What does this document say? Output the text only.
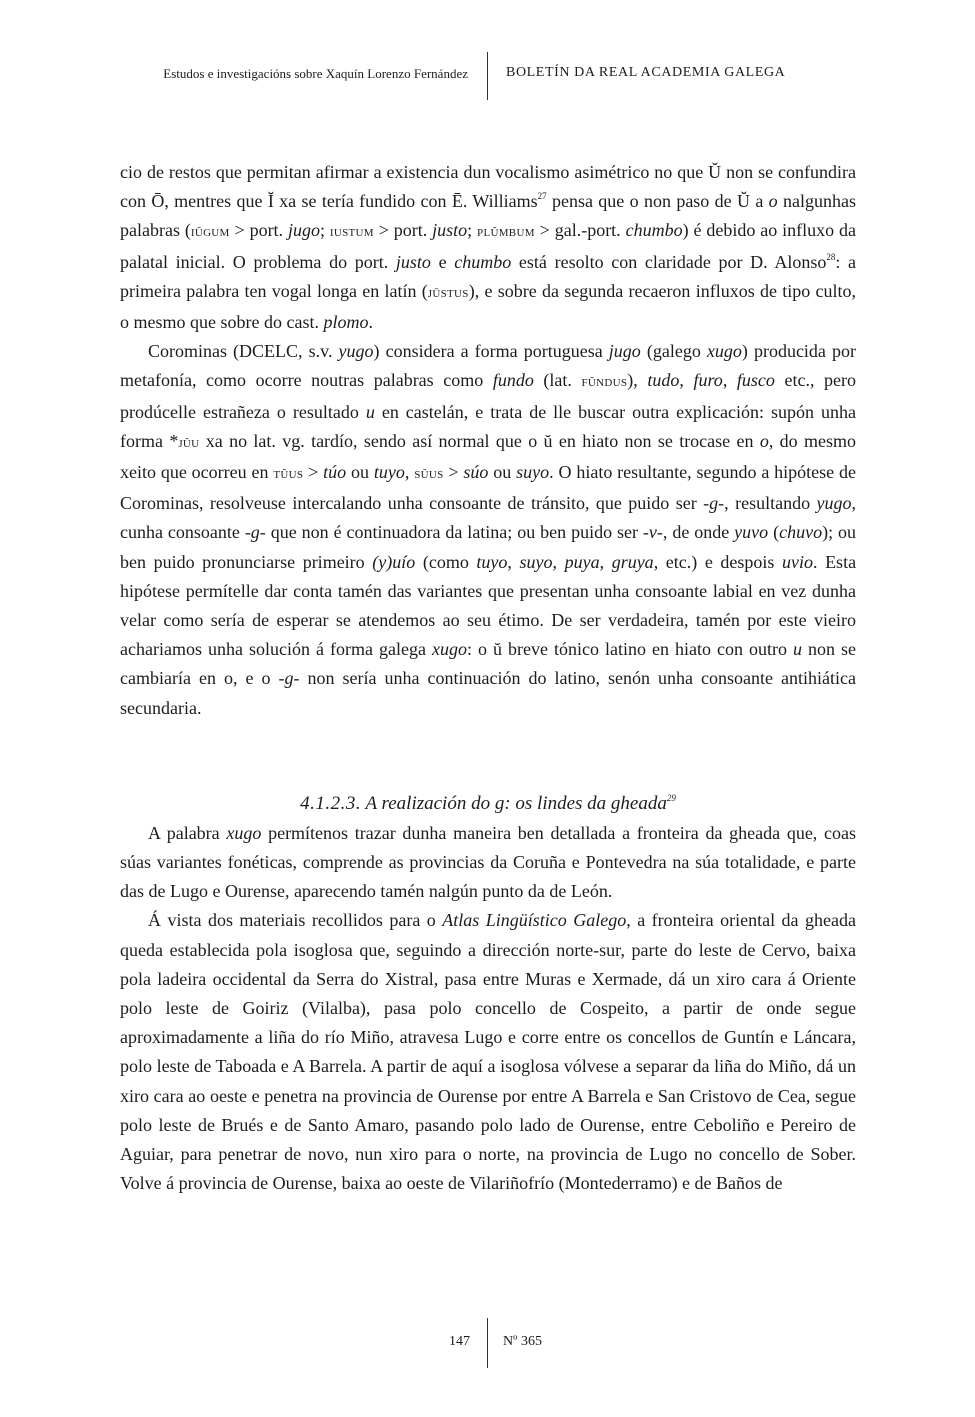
Estudos e investigacións sobre Xaquín Lorenzo Fernández	BOLETÍN DA REAL ACADEMIA GALEGA

cio de restos que permitan afirmar a existencia dun vocalismo asimétrico no que Ŭ non se confundira con Ō, mentres que Ĭ xa se tería fundido con Ē. Williams$^{27}$ pensa que o non paso de Ŭ a o nalgunhas palabras (iŭgum > port. jugo; iustum > port. justo; plŭmbum > gal.-port. chumbo) é debido ao influxo da palatal inicial. O problema do port. justo e chumbo está resolto con claridade por D. Alonso$^{28}$: a primeira palabra ten vogal longa en latín (jūstus), e sobre da segunda recaeron influxos de tipo culto, o mesmo que sobre do cast. plomo.

Corominas (DCELC, s.v. yugo) considera a forma portuguesa jugo (galego xugo) producida por metafonía, como ocorre noutras palabras como fundo (lat. fŭndus), tudo, furo, fusco etc., pero prodúcelle estrañeza o resultado u en castelán, e trata de lle buscar outra explicación: supón unha forma *jŭu xa no lat. vg. tardío, sendo así normal que o ŭ en hiato non se trocase en o, do mesmo xeito que ocorreu en tŭus > túo ou tuyo, sŭus > súo ou suyo. O hiato resultante, segundo a hipótese de Corominas, resolveuse intercalando unha consoante de tránsito, que puido ser -g-, resultando yugo, cunha consoante -g- que non é continuadora da latina; ou ben puido ser -v-, de onde yuvo (chuvo); ou ben puido pronunciarse primeiro (y)uío (como tuyo, suyo, puya, gruya, etc.) e despois uvio. Esta hipótese permítelle dar conta tamén das variantes que presentan unha consoante labial en vez dunha velar como sería de esperar se atendemos ao seu étimo. De ser verdadeira, tamén por este vieiro achariamos unha solución á forma galega xugo: o ŭ breve tónico latino en hiato con outro u non se cambiaría en o, e o -g- non sería unha continuación do latino, senón unha consoante antihiática secundaria.

4.1.2.3. A realización do g: os lindes da gheada$^{29}$

A palabra xugo permítenos trazar dunha maneira ben detallada a fronteira da gheada que, coas súas variantes fonéticas, comprende as provincias da Coruña e Pontevedra na súa totalidade, e parte das de Lugo e Ourense, aparecendo tamén nalgún punto da de León.

Á vista dos materiais recollidos para o Atlas Lingüístico Galego, a fronteira oriental da gheada queda establecida pola isoglosa que, seguindo a dirección norte-sur, parte do leste de Cervo, baixa pola ladeira occidental da Serra do Xistral, pasa entre Muras e Xermade, dá un xiro cara á Oriente polo leste de Goiriz (Vilalba), pasa polo concello de Cospeito, a partir de onde segue aproximadamente a liña do río Miño, atravesa Lugo e corre entre os concellos de Guntín e Láncara, polo leste de Taboada e A Barrela. A partir de aquí a isoglosa vólvese a separar da liña do Miño, dá un xiro cara ao oeste e penetra na provincia de Ourense por entre A Barrela e San Cristovo de Cea, segue polo leste de Brués e de Santo Amaro, pasando polo lado de Ourense, entre Ceboliño e Pereiro de Aguiar, para penetrar de novo, nun xiro para o norte, na provincia de Lugo no concello de Sober. Volve á provincia de Ourense, baixa ao oeste de Vilariñofrío (Montederramo) e de Baños de

147 Nº 365
